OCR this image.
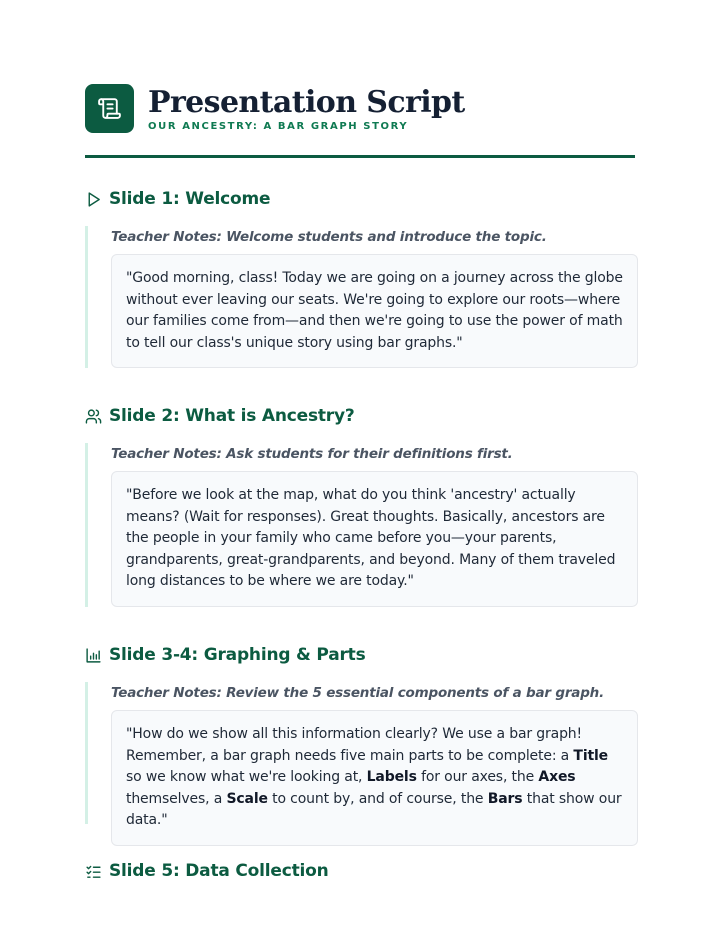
Presentation Script
OUR ANCESTRY: A BAR GRAPH STORY
Slide 1: Welcome
Teacher Notes: Welcome students and introduce the topic.
"Good morning, class! Today we are going on a journey across the globe without ever leaving our seats. We're going to explore our roots—where our families come from—and then we're going to use the power of math to tell our class's unique story using bar graphs."
Slide 2: What is Ancestry?
Teacher Notes: Ask students for their definitions first.
"Before we look at the map, what do you think 'ancestry' actually means? (Wait for responses). Great thoughts. Basically, ancestors are the people in your family who came before you—your parents, grandparents, great-grandparents, and beyond. Many of them traveled long distances to be where we are today."
Slide 3-4: Graphing & Parts
Teacher Notes: Review the 5 essential components of a bar graph.
"How do we show all this information clearly? We use a bar graph! Remember, a bar graph needs five main parts to be complete: a Title so we know what we're looking at, Labels for our axes, the Axes themselves, a Scale to count by, and of course, the Bars that show our data."
Slide 5: Data Collection
